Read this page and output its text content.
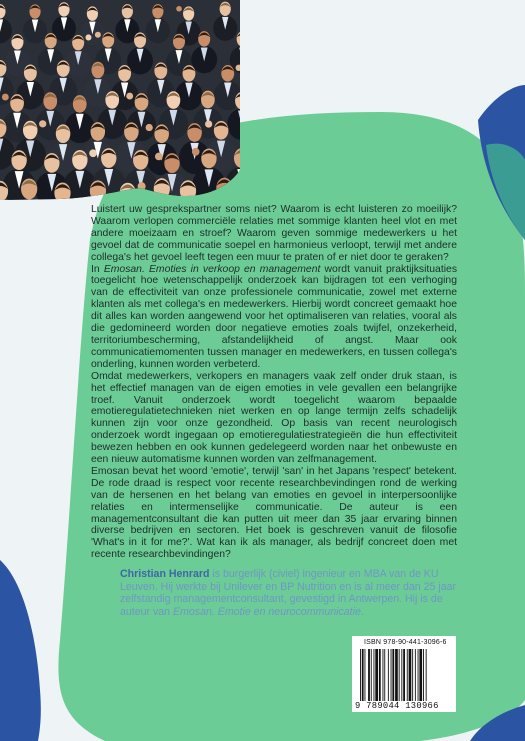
Luistert uw gesprekspartner soms niet? Waarom is echt luisteren zo moeilijk? Waarom verlopen commerciële relaties met sommige klanten heel vlot en met andere moeizaam en stroef? Waarom geven sommige medewerkers u het gevoel dat de communicatie soepel en harmonieus verloopt, terwijl met andere collega's het gevoel leeft tegen een muur te praten of er niet door te geraken?

In Emosan. Emoties in verkoop en management wordt vanuit praktijksituaties toegelicht hoe wetenschappelijk onderzoek kan bijdragen tot een verhoging van de effectiviteit van onze professionele communicatie, zowel met externe klanten als met collega's en medewerkers. Hierbij wordt concreet gemaakt hoe dit alles kan worden aangewend voor het optimaliseren van relaties, vooral als die gedomineerd worden door negatieve emoties zoals twijfel, onzekerheid, territoriumbescherming, afstandelijkheid of angst. Maar ook communicatiemomenten tussen manager en medewerkers, en tussen collega's onderling, kunnen worden verbeterd.

Omdat medewerkers, verkopers en managers vaak zelf onder druk staan, is het effectief managen van de eigen emoties in vele gevallen een belangrijke troef. Vanuit onderzoek wordt toegelicht waarom bepaalde emotieregulatietechnieken niet werken en op lange termijn zelfs schadelijk kunnen zijn voor onze gezondheid. Op basis van recent neurologisch onderzoek wordt ingegaan op emotieregulatiestrategieën die hun effectiviteit bewezen hebben en ook kunnen gedelegeerd worden naar het onbewuste en een nieuw automatisme kunnen worden van zelfmanagement.

Emosan bevat het woord 'emotie', terwijl 'san' in het Japans 'respect' betekent. De rode draad is respect voor recente researchbevindingen rond de werking van de hersenen en het belang van emoties en gevoel in interpersoonlijke relaties en intermenselijke communicatie. De auteur is een managementconsultant die kan putten uit meer dan 35 jaar ervaring binnen diverse bedrijven en sectoren. Het boek is geschreven vanuit de filosofie 'What's in it for me?'. Wat kan ik als manager, als bedrijf concreet doen met recente researchbevindingen?

Christian Henrard is burgerlijk (civiel) ingenieur en MBA van de KU Leuven. Hij werkte bij Unilever en BP Nutrition en is al meer dan 25 jaar zelfstandig managementconsultant, gevestigd in Antwerpen. Hij is de auteur van Emosan. Emotie en neurocommunicatie.
ISBN 978-90-441-3096-6
9 789044 130966
